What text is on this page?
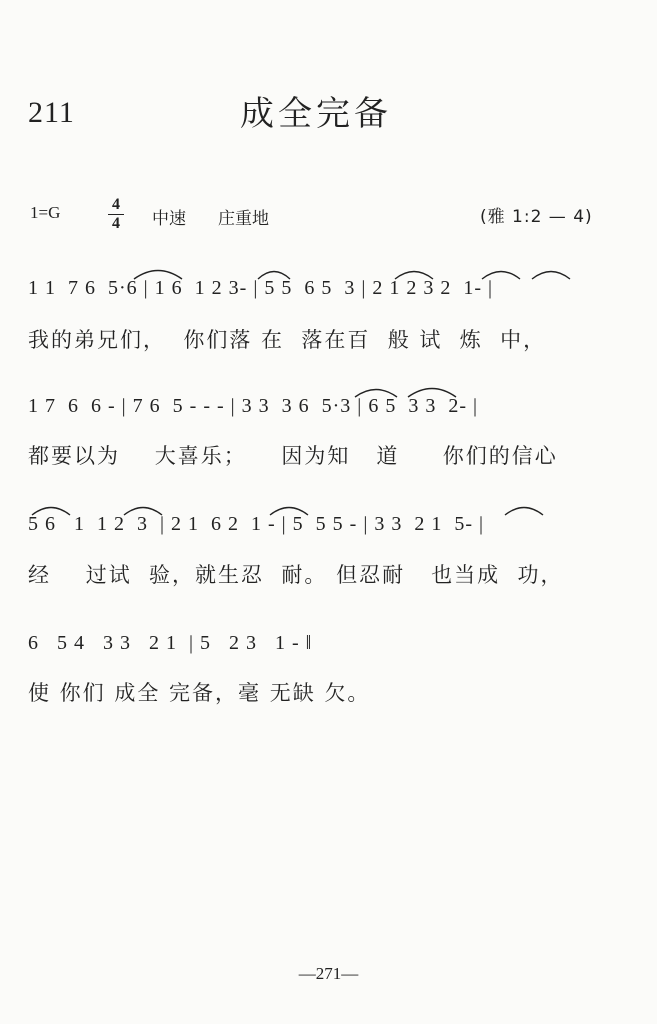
211	成全完备
1=G	$\frac{4}{4}$ 中速 庄重地	(雅 1:2 — 4)
1 1  7 6  5·6 | 1 6  1 2 3- | 5 5  6 5  3 | 2 1 2 3 2  1- |
我的弟兄们，  你们落 在  落在百  般 试  炼  中，
1 7  6  6 - | 7 6  5 - - - | 3 3  3 6  5·3 | 6 5  3 3  2- |
都要以为    大喜乐；    因为知   道     你们的信心
5 6   1  1 2  3  | 2 1  6 2  1 - | 5  5 5 - | 3 3  2 1  5- |
经    过试  验，就生忍  耐。 但忍耐   也当成  功，
6   5 4   3 3   2 1  | 5   2 3   1 - ‖
使 你们 成全 完备，毫 无缺 欠。
—271—
